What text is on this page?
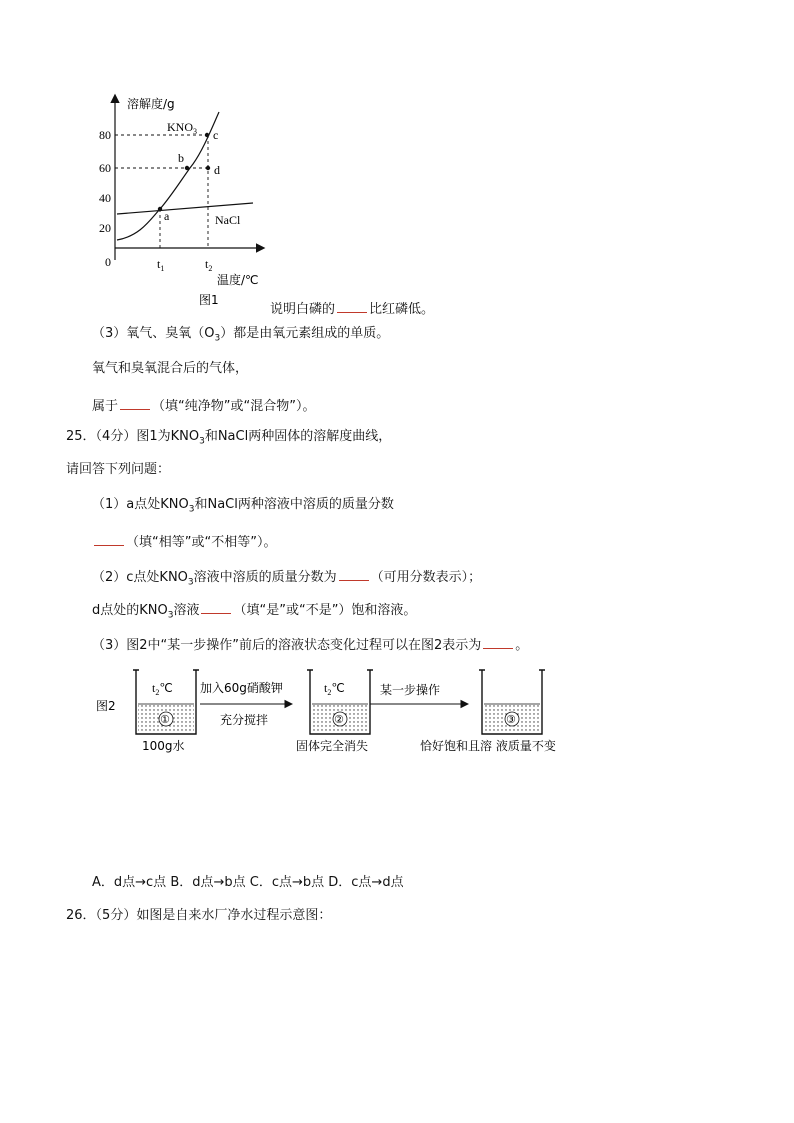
溶解度/g
温度/℃
0
80
60
40
20
$t_1$	$t_2$
a
b
c
d
$KNO_3$
NaCl
图1
说明白磷的	比红磷低。
（3）氧气、臭氧$(O_3)$都是由氧元素组成的单质。
氧气和臭氧混合后的气体，
属于	（填“纯净物”或“混合物”）。
25．（4分）图1为$KNO_3$和NaCl两种固体的溶解度曲线，
请回答下列问题：
（1）a点处$KNO_3$和NaCl两种溶液中溶质的质量分数
（填“相等”或“不相等”）。
（2）c点处$KNO_3$溶液中溶质的质量分数为	（可用分数表示）；
d点处的$KNO_3$溶液	（填“是”或“不是”）饱和溶液。
（3）图2中“某一步操作”前后的溶液状态变化过程可以在图2表示为	。
图2
$t_2℃$
①
100g水
加入60g硝酸钾
充分搅拌
$t_2℃$
②
固体完全消失
某一步操作
③
恰好饱和且溶 液质量不变
A．d点→c点 B．d点→b点 C．c点→b点 D．c点→d点
26．（5分）如图是自来水厂净水过程示意图：
